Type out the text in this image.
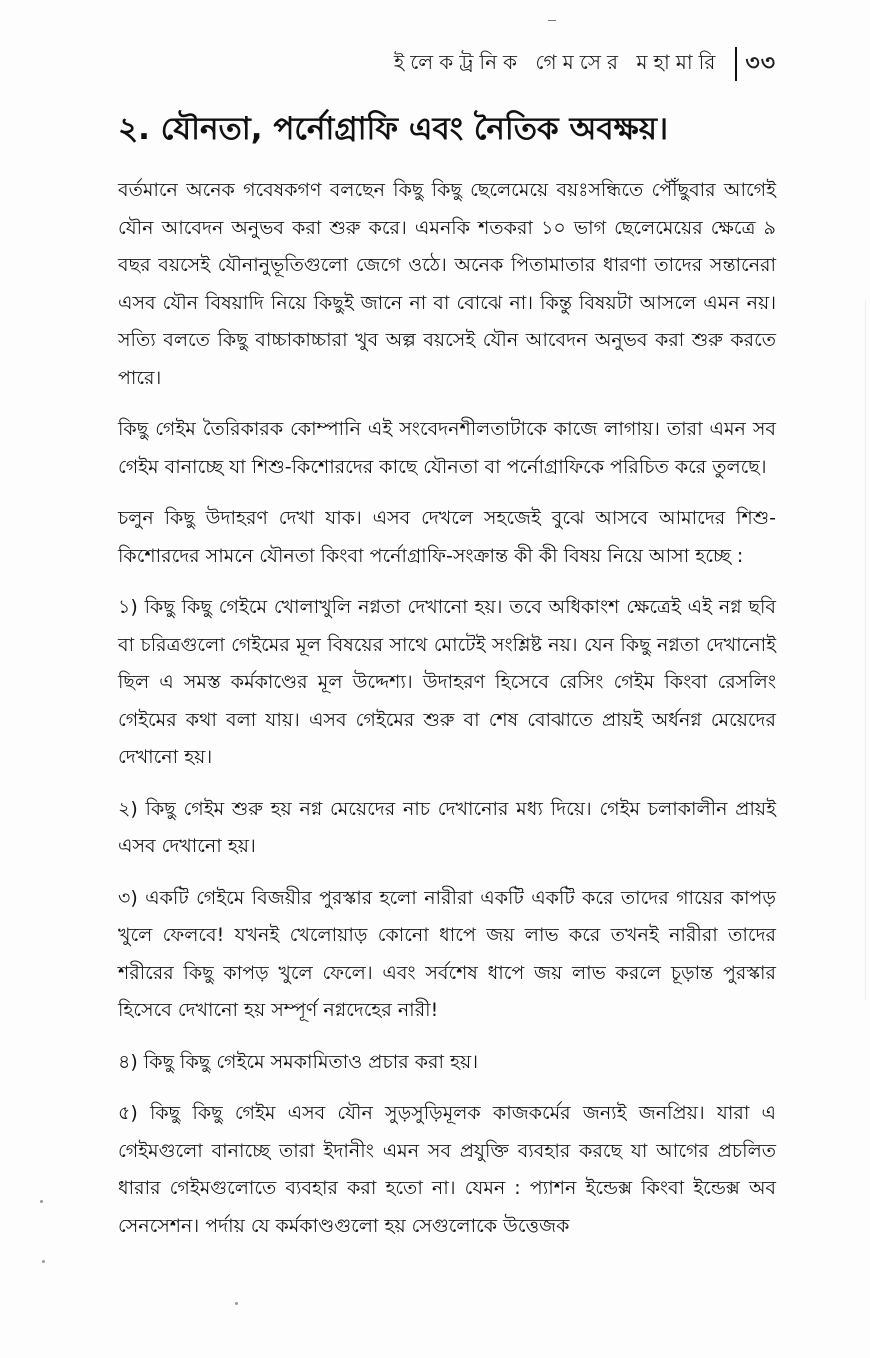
ইলেকট্রনিক গেমসের মহামারি ৩৩
২. যৌনতা, পর্নোগ্রাফি এবং নৈতিক অবক্ষয়।

বর্তমানে অনেক গবেষকগণ বলছেন কিছু কিছু ছেলেমেয়ে বয়ঃসন্ধিতে পৌঁছুবার আগেই যৌন আবেদন অনুভব করা শুরু করে। এমনকি শতকরা ১০ ভাগ ছেলেমেয়ের ক্ষেত্রে ৯ বছর বয়সেই যৌনানুভূতিগুলো জেগে ওঠে। অনেক পিতামাতার ধারণা তাদের সন্তানেরা এসব যৌন বিষয়াদি নিয়ে কিছুই জানে না বা বোঝে না। কিন্তু বিষয়টা আসলে এমন নয়। সত্যি বলতে কিছু বাচ্চাকাচ্চারা খুব অল্প বয়সেই যৌন আবেদন অনুভব করা শুরু করতে পারে।

কিছু গেইম তৈরিকারক কোম্পানি এই সংবেদনশীলতাটাকে কাজে লাগায়। তারা এমন সব গেইম বানাচ্ছে যা শিশু-কিশোরদের কাছে যৌনতা বা পর্নোগ্রাফিকে পরিচিত করে তুলছে।

চলুন কিছু উদাহরণ দেখা যাক। এসব দেখলে সহজেই বুঝে আসবে আমাদের শিশু-কিশোরদের সামনে যৌনতা কিংবা পর্নোগ্রাফি-সংক্রান্ত কী কী বিষয় নিয়ে আসা হচ্ছে :

১) কিছু কিছু গেইমে খোলাখুলি নগ্নতা দেখানো হয়। তবে অধিকাংশ ক্ষেত্রেই এই নগ্ন ছবি বা চরিত্রগুলো গেইমের মূল বিষয়ের সাথে মোটেই সংশ্লিষ্ট নয়। যেন কিছু নগ্নতা দেখানোই ছিল এ সমস্ত কর্মকাণ্ডের মূল উদ্দেশ্য। উদাহরণ হিসেবে রেসিং গেইম কিংবা রেসলিং গেইমের কথা বলা যায়। এসব গেইমের শুরু বা শেষ বোঝাতে প্রায়ই অর্ধনগ্ন মেয়েদের দেখানো হয়।

২) কিছু গেইম শুরু হয় নগ্ন মেয়েদের নাচ দেখানোর মধ্য দিয়ে। গেইম চলাকালীন প্রায়ই এসব দেখানো হয়।

৩) একটি গেইমে বিজয়ীর পুরস্কার হলো নারীরা একটি একটি করে তাদের গায়ের কাপড় খুলে ফেলবে! যখনই খেলোয়াড় কোনো ধাপে জয় লাভ করে তখনই নারীরা তাদের শরীরের কিছু কাপড় খুলে ফেলে। এবং সর্বশেষ ধাপে জয় লাভ করলে চূড়ান্ত পুরস্কার হিসেবে দেখানো হয় সম্পূর্ণ নগ্নদেহের নারী!

৪) কিছু কিছু গেইমে সমকামিতাও প্রচার করা হয়।

৫) কিছু কিছু গেইম এসব যৌন সুড়সুড়িমূলক কাজকর্মের জন্যই জনপ্রিয়। যারা এ গেইমগুলো বানাচ্ছে তারা ইদানীং এমন সব প্রযুক্তি ব্যবহার করছে যা আগের প্রচলিত ধারার গেইমগুলোতে ব্যবহার করা হতো না। যেমন : প্যাশন ইন্ডেক্স কিংবা ইন্ডেক্স অব সেনসেশন। পর্দায় যে কর্মকাণ্ডগুলো হয় সেগুলোকে উত্তেজক
